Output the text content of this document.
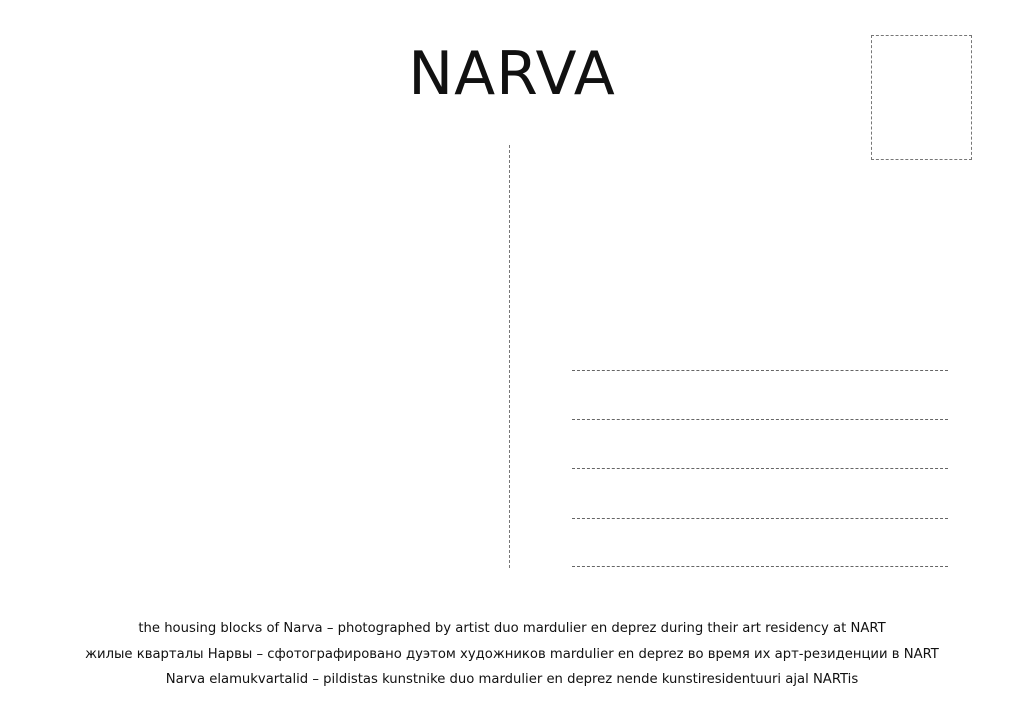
NARVA
the housing blocks of Narva – photographed by artist duo mardulier en deprez during their art residency at NART
жилые кварталы Нарвы – сфотографировано дуэтом художников mardulier en deprez во время их арт-резиденции в NART
Narva elamukvartalid – pildistas kunstnike duo mardulier en deprez nende kunstiresidentuuri ajal NARTis
